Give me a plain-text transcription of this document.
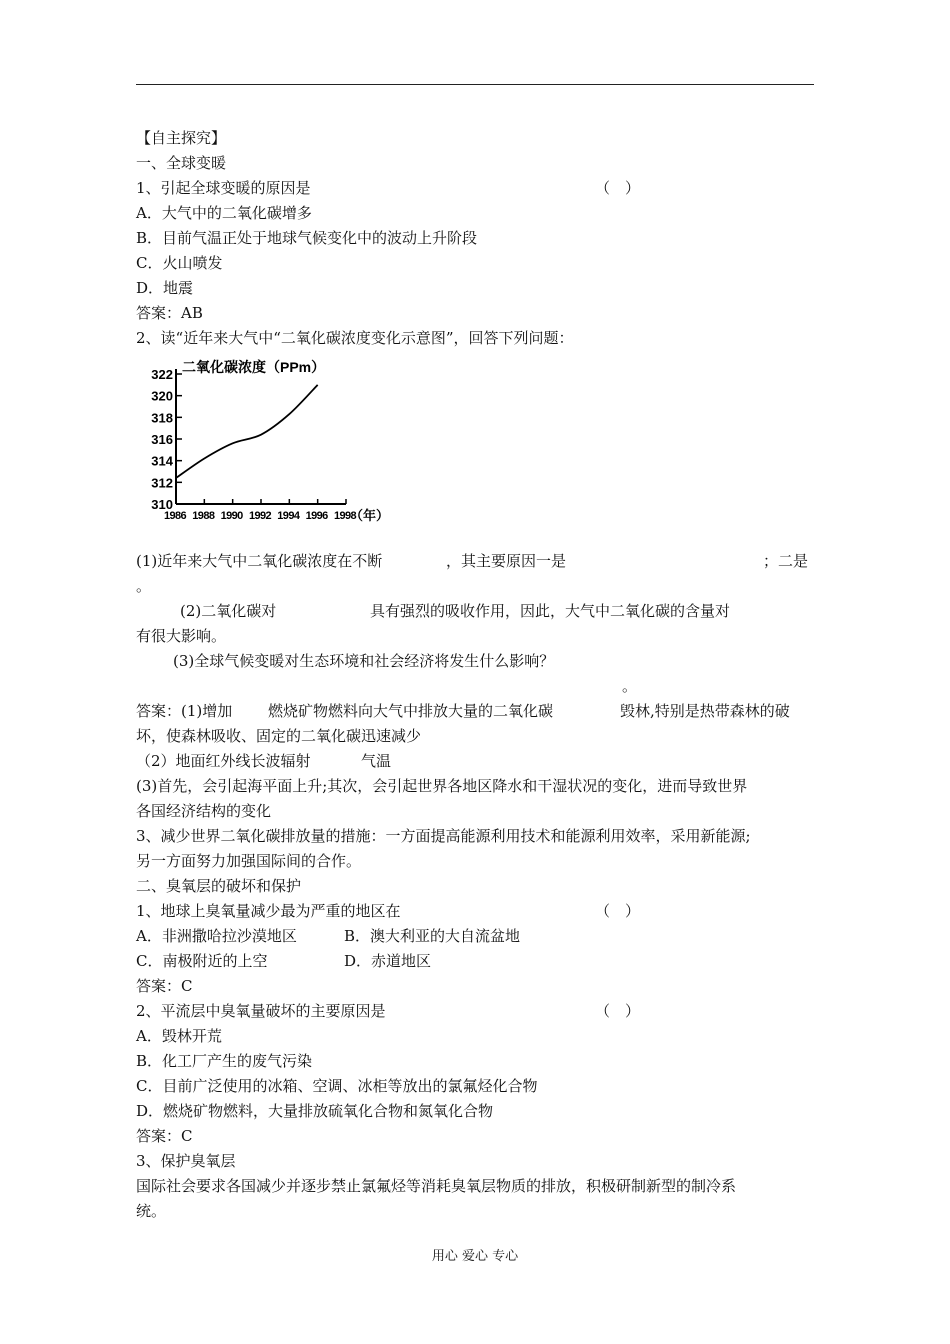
【自主探究】
一、全球变暖
1、引起全球变暖的原因是	（　）
A．大气中的二氧化碳增多
B．目前气温正处于地球气候变化中的波动上升阶段
C．火山喷发
D．地震
答案：AB
2、读“近年来大气中“二氧化碳浓度变化示意图”，回答下列问题：
二氧化碳浓度（PPm）
310
312
314
316
318
320
322
1986 1988 1990 1992 1994 1996 1998
（年）
(1)近年来大气中二氧化碳浓度在不断	，其主要原因一是	；二是
。
(2)二氧化碳对	具有强烈的吸收作用，因此，大气中二氧化碳的含量对
有很大影响。
(3)全球气候变暖对生态环境和社会经济将发生什么影响？
。
答案：(1)增加 燃烧矿物燃料向大气中排放大量的二氧化碳	毁林,特别是热带森林的破
坏，使森林吸收、固定的二氧化碳迅速减少
（2）地面红外线长波辐射	气温
(3)首先，会引起海平面上升;其次，会引起世界各地区降水和干湿状况的变化，进而导致世界
各国经济结构的变化
3、减少世界二氧化碳排放量的措施：一方面提高能源利用技术和能源利用效率，采用新能源;
另一方面努力加强国际间的合作。
二、臭氧层的破坏和保护
1、地球上臭氧量减少最为严重的地区在	（　）
A．非洲撒哈拉沙漠地区	B．澳大利亚的大自流盆地
C．南极附近的上空	D．赤道地区
答案：C
2、平流层中臭氧量破坏的主要原因是	（　）
A．毁林开荒
B．化工厂产生的废气污染
C．目前广泛使用的冰箱、空调、冰柜等放出的氯氟烃化合物
D．燃烧矿物燃料，大量排放硫氧化合物和氮氧化合物
答案：C
3、保护臭氧层
国际社会要求各国减少并逐步禁止氯氟烃等消耗臭氧层物质的排放，积极研制新型的制冷系
统。
用心 爱心 专心
